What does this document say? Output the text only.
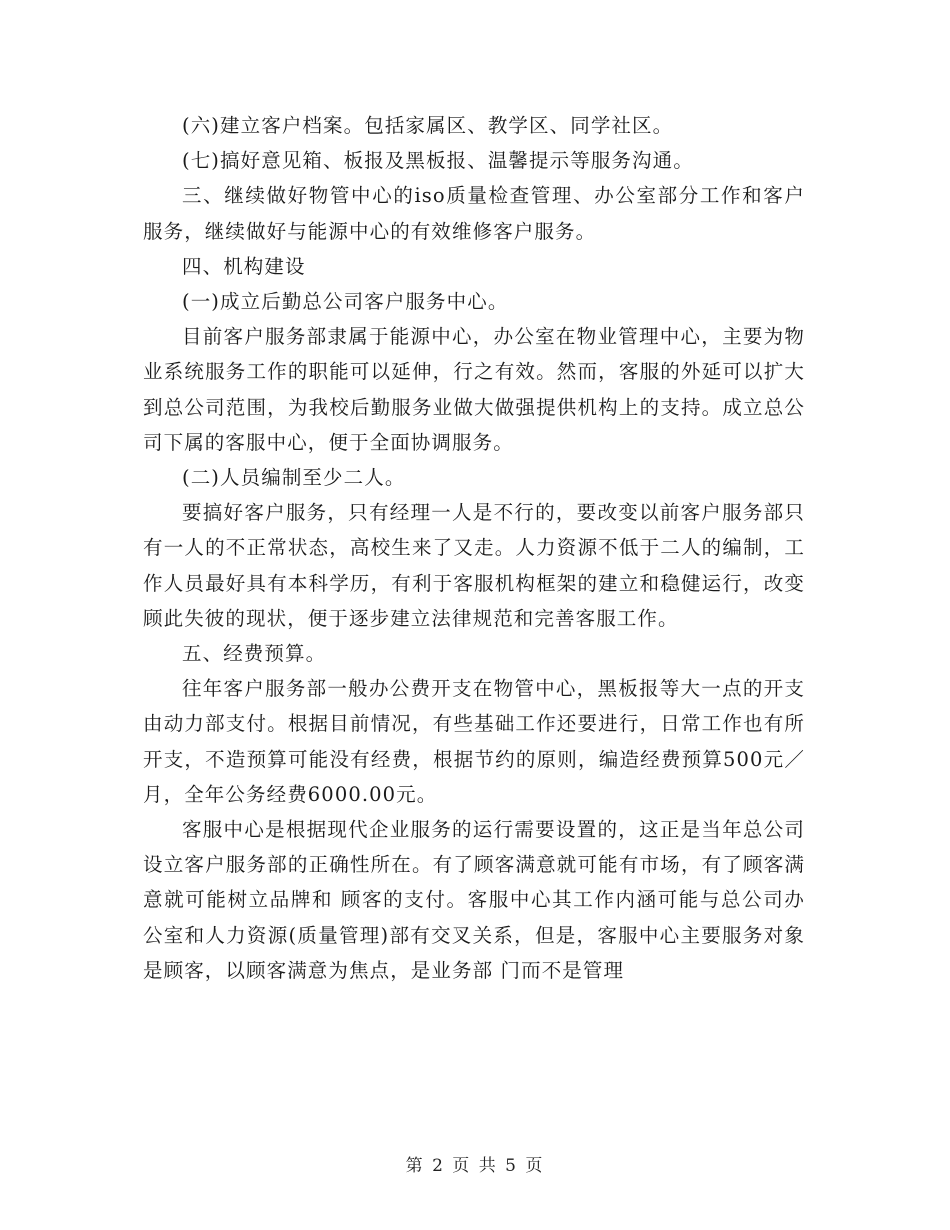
(六)建立客户档案。包括家属区、教学区、同学社区。

(七)搞好意见箱、板报及黑板报、温馨提示等服务沟通。

三、继续做好物管中心的iso质量检查管理、办公室部分工作和客户服务，继续做好与能源中心的有效维修客户服务。

四、机构建设

(一)成立后勤总公司客户服务中心。

目前客户服务部隶属于能源中心，办公室在物业管理中心，主要为物业系统服务工作的职能可以延伸，行之有效。然而，客服的外延可以扩大到总公司范围，为我校后勤服务业做大做强提供机构上的支持。成立总公司下属的客服中心，便于全面协调服务。

(二)人员编制至少二人。

要搞好客户服务，只有经理一人是不行的，要改变以前客户服务部只有一人的不正常状态，高校生来了又走。人力资源不低于二人的编制，工作人员最好具有本科学历，有利于客服机构框架的建立和稳健运行，改变顾此失彼的现状，便于逐步建立法律规范和完善客服工作。

五、经费预算。

往年客户服务部一般办公费开支在物管中心，黑板报等大一点的开支由动力部支付。根据目前情况，有些基础工作还要进行，日常工作也有所开支，不造预算可能没有经费，根据节约的原则，编造经费预算500元／月，全年公务经费6000.00元。

客服中心是根据现代企业服务的运行需要设置的，这正是当年总公司设立客户服务部的正确性所在。有了顾客满意就可能有市场，有了顾客满意就可能树立品牌和 顾客的支付。客服中心其工作内涵可能与总公司办公室和人力资源(质量管理)部有交叉关系，但是，客服中心主要服务对象是顾客，以顾客满意为焦点，是业务部 门而不是管理

第 2 页 共 5 页
